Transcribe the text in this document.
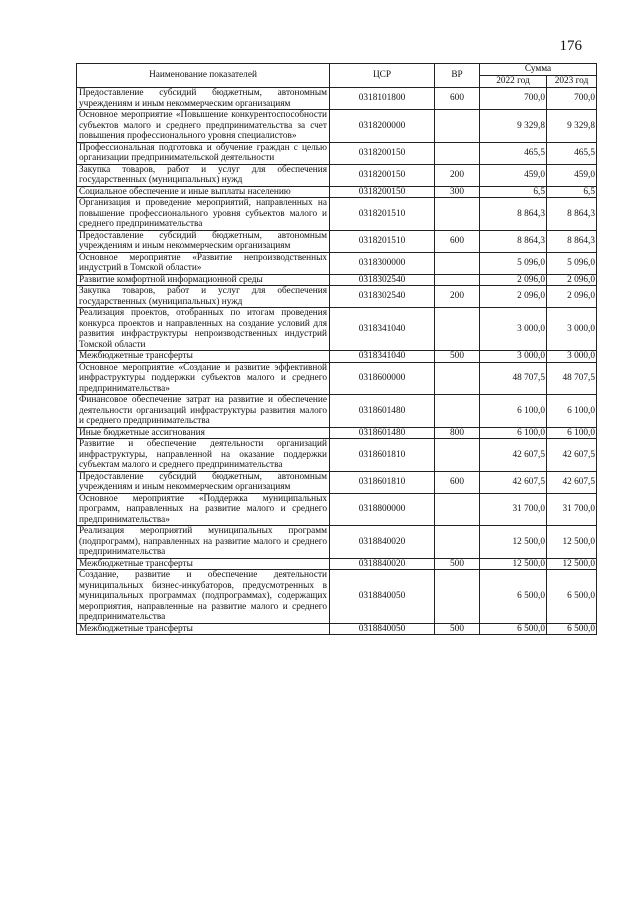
176
Наименование показателей	ЦСР	ВР	Сумма	
			2022 год	2023 год
Предоставление субсидий бюджетным, автономным учреждениям и иным некоммерческим организациям	0318101800	600	700,0	700,0
Основное мероприятие «Повышение конкурентоспособности субъектов малого и среднего предпринимательства за счет повышения профессионального уровня специалистов»	0318200000		9 329,8	9 329,8
Профессиональная подготовка и обучение граждан с целью организации предпринимательской деятельности	0318200150		465,5	465,5
Закупка товаров, работ и услуг для обеспечения государственных (муниципальных) нужд	0318200150	200	459,0	459,0
Социальное обеспечение и иные выплаты населению	0318200150	300	6,5	6,5
Организация и проведение мероприятий, направленных на повышение профессионального уровня субъектов малого и среднего предпринимательства	0318201510		8 864,3	8 864,3
Предоставление субсидий бюджетным, автономным учреждениям и иным некоммерческим организациям	0318201510	600	8 864,3	8 864,3
Основное мероприятие «Развитие непроизводственных индустрий в Томской области»	0318300000		5 096,0	5 096,0
Развитие комфортной информационной среды	0318302540		2 096,0	2 096,0
Закупка товаров, работ и услуг для обеспечения государственных (муниципальных) нужд	0318302540	200	2 096,0	2 096,0
Реализация проектов, отобранных по итогам проведения конкурса проектов и направленных на создание условий для развития инфраструктуры непроизводственных индустрий Томской области	0318341040		3 000,0	3 000,0
Межбюджетные трансферты	0318341040	500	3 000,0	3 000,0
Основное мероприятие «Создание и развитие эффективной инфраструктуры поддержки субъектов малого и среднего предпринимательства»	0318600000		48 707,5	48 707,5
Финансовое обеспечение затрат на развитие и обеспечение деятельности организаций инфраструктуры развития малого и среднего предпринимательства	0318601480		6 100,0	6 100,0
Иные бюджетные ассигнования	0318601480	800	6 100,0	6 100,0
Развитие и обеспечение деятельности организаций инфраструктуры, направленной на оказание поддержки субъектам малого и среднего предпринимательства	0318601810		42 607,5	42 607,5
Предоставление субсидий бюджетным, автономным учреждениям и иным некоммерческим организациям	0318601810	600	42 607,5	42 607,5
Основное мероприятие «Поддержка муниципальных программ, направленных на развитие малого и среднего предпринимательства»	0318800000		31 700,0	31 700,0
Реализация мероприятий муниципальных программ (подпрограмм), направленных на развитие малого и среднего предпринимательства	0318840020		12 500,0	12 500,0
Межбюджетные трансферты	0318840020	500	12 500,0	12 500,0
Создание, развитие и обеспечение деятельности муниципальных бизнес-инкубаторов, предусмотренных в муниципальных программах (подпрограммах), содержащих мероприятия, направленные на развитие малого и среднего предпринимательства	0318840050		6 500,0	6 500,0
Межбюджетные трансферты	0318840050	500	6 500,0	6 500,0
